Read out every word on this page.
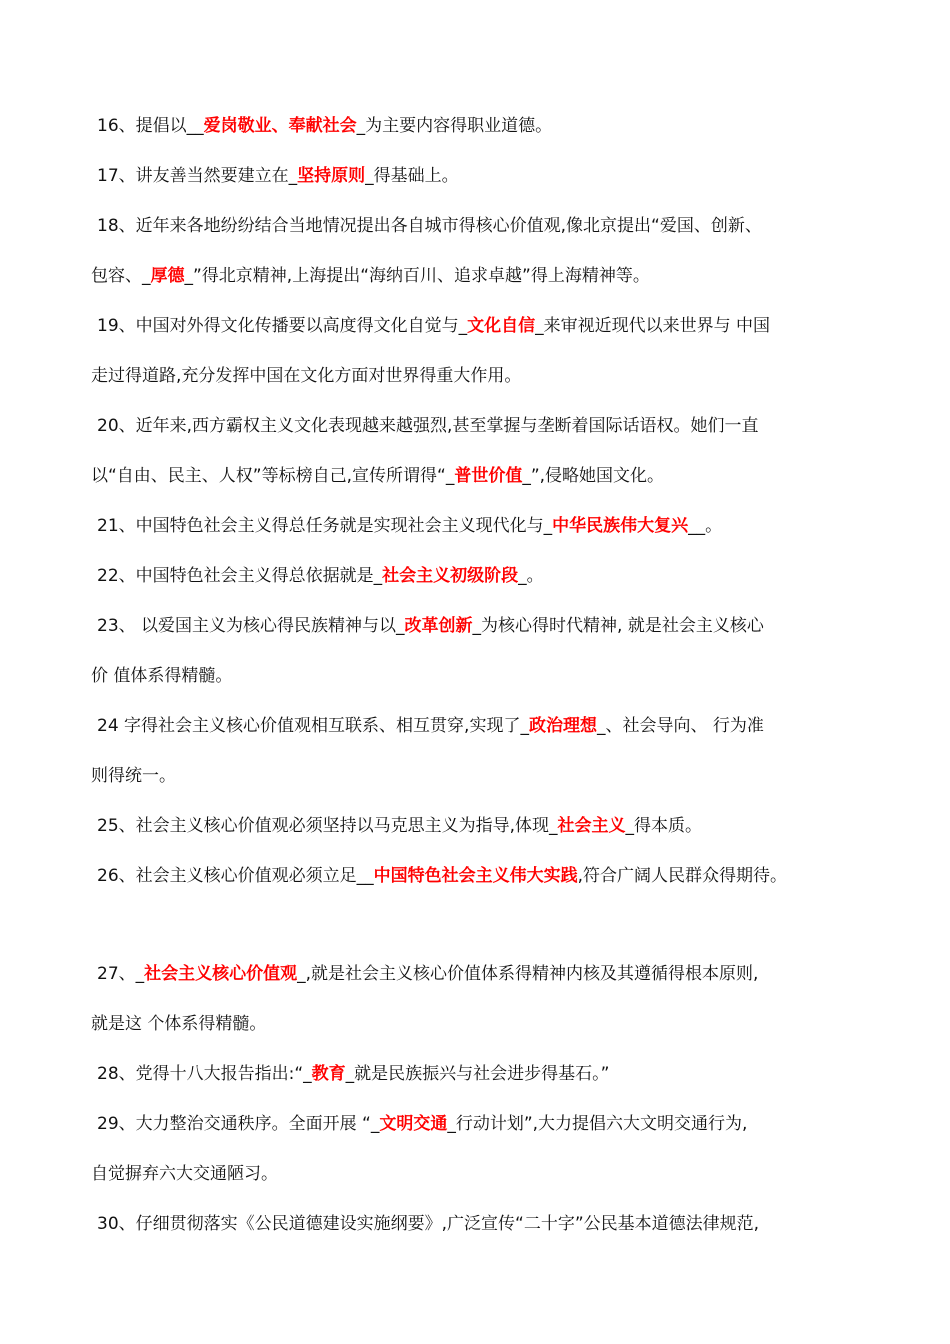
16、提倡以__爱岗敬业、奉献社会_为主要内容得职业道德。
17、讲友善当然要建立在_坚持原则_得基础上。
18、近年来各地纷纷结合当地情况提出各自城市得核心价值观,像北京提出“爱国、创新、
包容、_厚德_”得北京精神,上海提出“海纳百川、追求卓越”得上海精神等。
19、中国对外得文化传播要以高度得文化自觉与_文化自信_来审视近现代以来世界与 中国
走过得道路,充分发挥中国在文化方面对世界得重大作用。
20、近年来,西方霸权主义文化表现越来越强烈,甚至掌握与垄断着国际话语权。她们一直
以“自由、民主、人权”等标榜自己,宣传所谓得“_普世价值_”,侵略她国文化。
21、中国特色社会主义得总任务就是实现社会主义现代化与_中华民族伟大复兴__。
22、中国特色社会主义得总依据就是_社会主义初级阶段_。
23、 以爱国主义为核心得民族精神与以_改革创新_为核心得时代精神, 就是社会主义核心
价 值体系得精髓。
24 字得社会主义核心价值观相互联系、相互贯穿,实现了_政治理想_、社会导向、 行为准
则得统一。
25、社会主义核心价值观必须坚持以马克思主义为指导,体现_社会主义_得本质。
26、社会主义核心价值观必须立足__中国特色社会主义伟大实践,符合广阔人民群众得期待。
27、_社会主义核心价值观_,就是社会主义核心价值体系得精神内核及其遵循得根本原则,
就是这 个体系得精髓。
28、党得十八大报告指出:“_教育_就是民族振兴与社会进步得基石。”
29、大力整治交通秩序。全面开展 “_文明交通_行动计划”,大力提倡六大文明交通行为,
自觉摒弃六大交通陋习。
30、仔细贯彻落实《公民道德建设实施纲要》,广泛宣传“二十字”公民基本道德法律规范,
